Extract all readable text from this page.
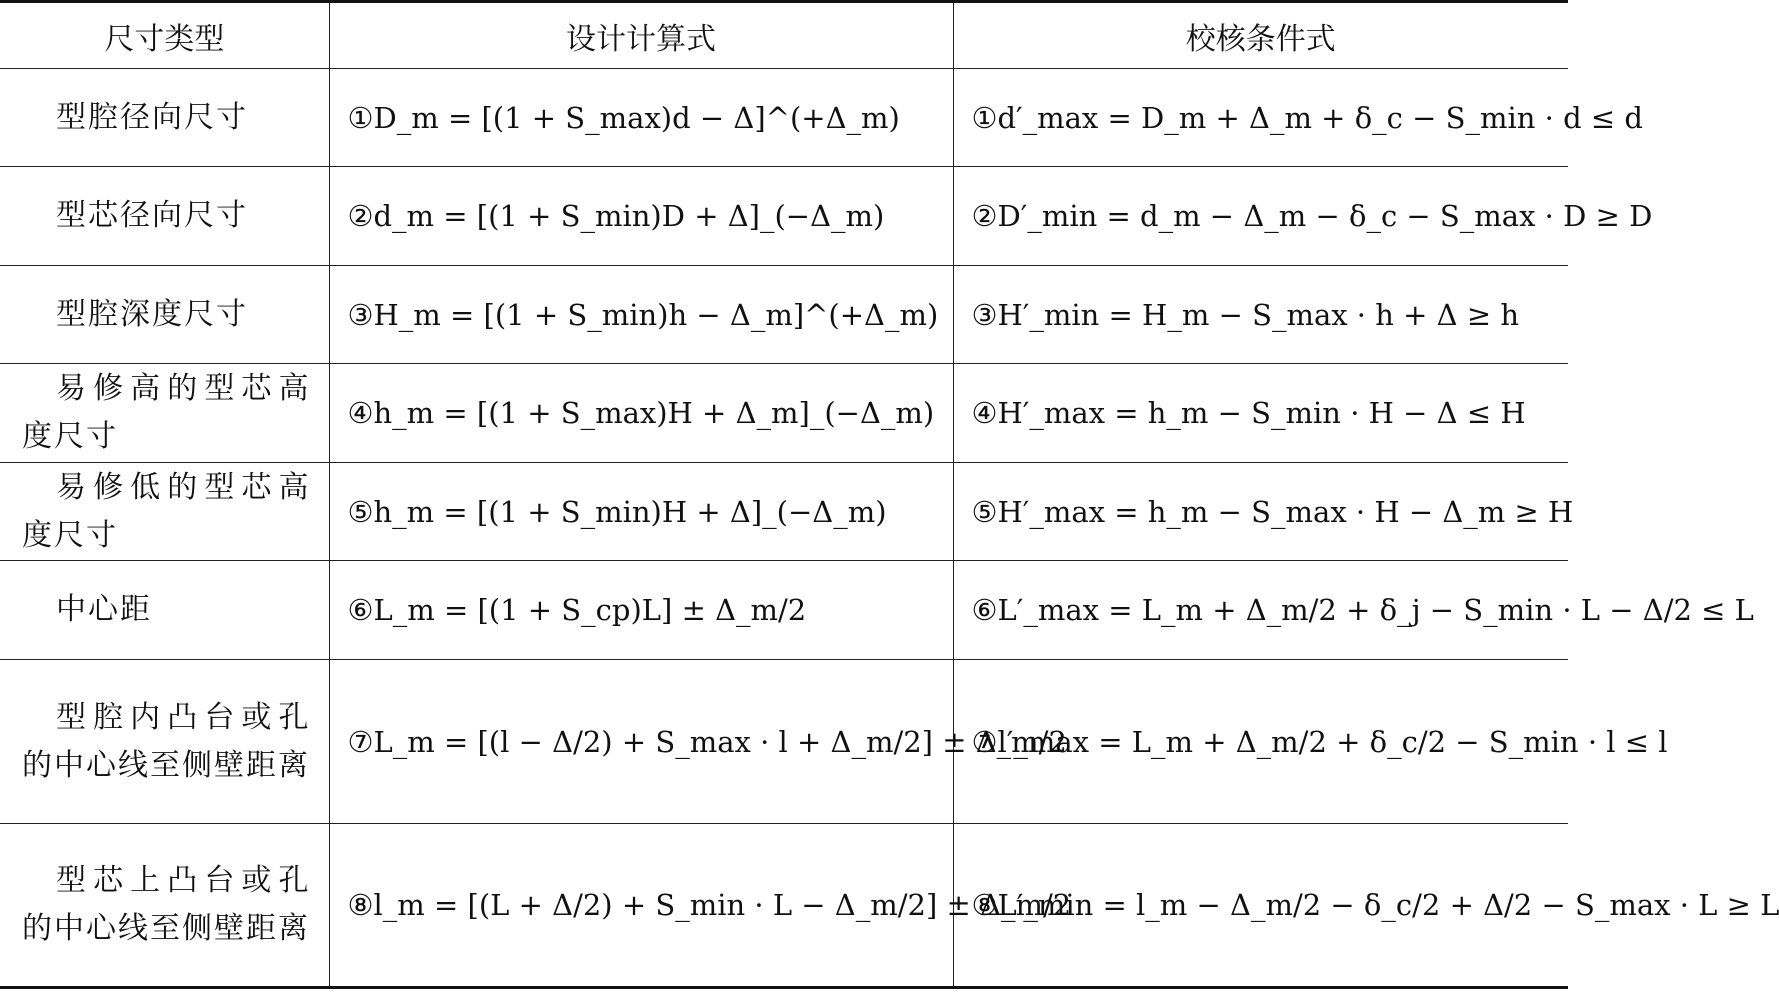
尺寸类型	设计计算式	校核条件式

型腔径向尺寸	①D_m = [(1 + S_max)d − Δ]^(+Δ_m)	①d′_max = D_m + Δ_m + δ_c − S_min · d ≤ d

型芯径向尺寸	②d_m = [(1 + S_min)D + Δ]_(−Δ_m)	②D′_min = d_m − Δ_m − δ_c − S_max · D ≥ D

型腔深度尺寸	③H_m = [(1 + S_min)h − Δ_m]^(+Δ_m)	③H′_min = H_m − S_max · h + Δ ≥ h

易修高的型芯高度尺寸	④h_m = [(1 + S_max)H + Δ_m]_(−Δ_m)	④H′_max = h_m − S_min · H − Δ ≤ H

易修低的型芯高度尺寸	⑤h_m = [(1 + S_min)H + Δ]_(−Δ_m)	⑤H′_max = h_m − S_max · H − Δ_m ≥ H

中心距	⑥L_m = [(1 + S_cp)L] ± Δ_m/2	⑥L′_max = L_m + Δ_m/2 + δ_j − S_min · L − Δ/2 ≤ L

型腔内凸台或孔的中心线至侧壁距离	⑦L_m = [(l − Δ/2) + S_max · l + Δ_m/2] ± Δ_m/2	⑦l′_max = L_m + Δ_m/2 + δ_c/2 − S_min · l ≤ l

型芯上凸台或孔的中心线至侧壁距离	⑧l_m = [(L + Δ/2) + S_min · L − Δ_m/2] ± Δ_m/2	⑧L′_min = l_m − Δ_m/2 − δ_c/2 + Δ/2 − S_max · L ≥ L
